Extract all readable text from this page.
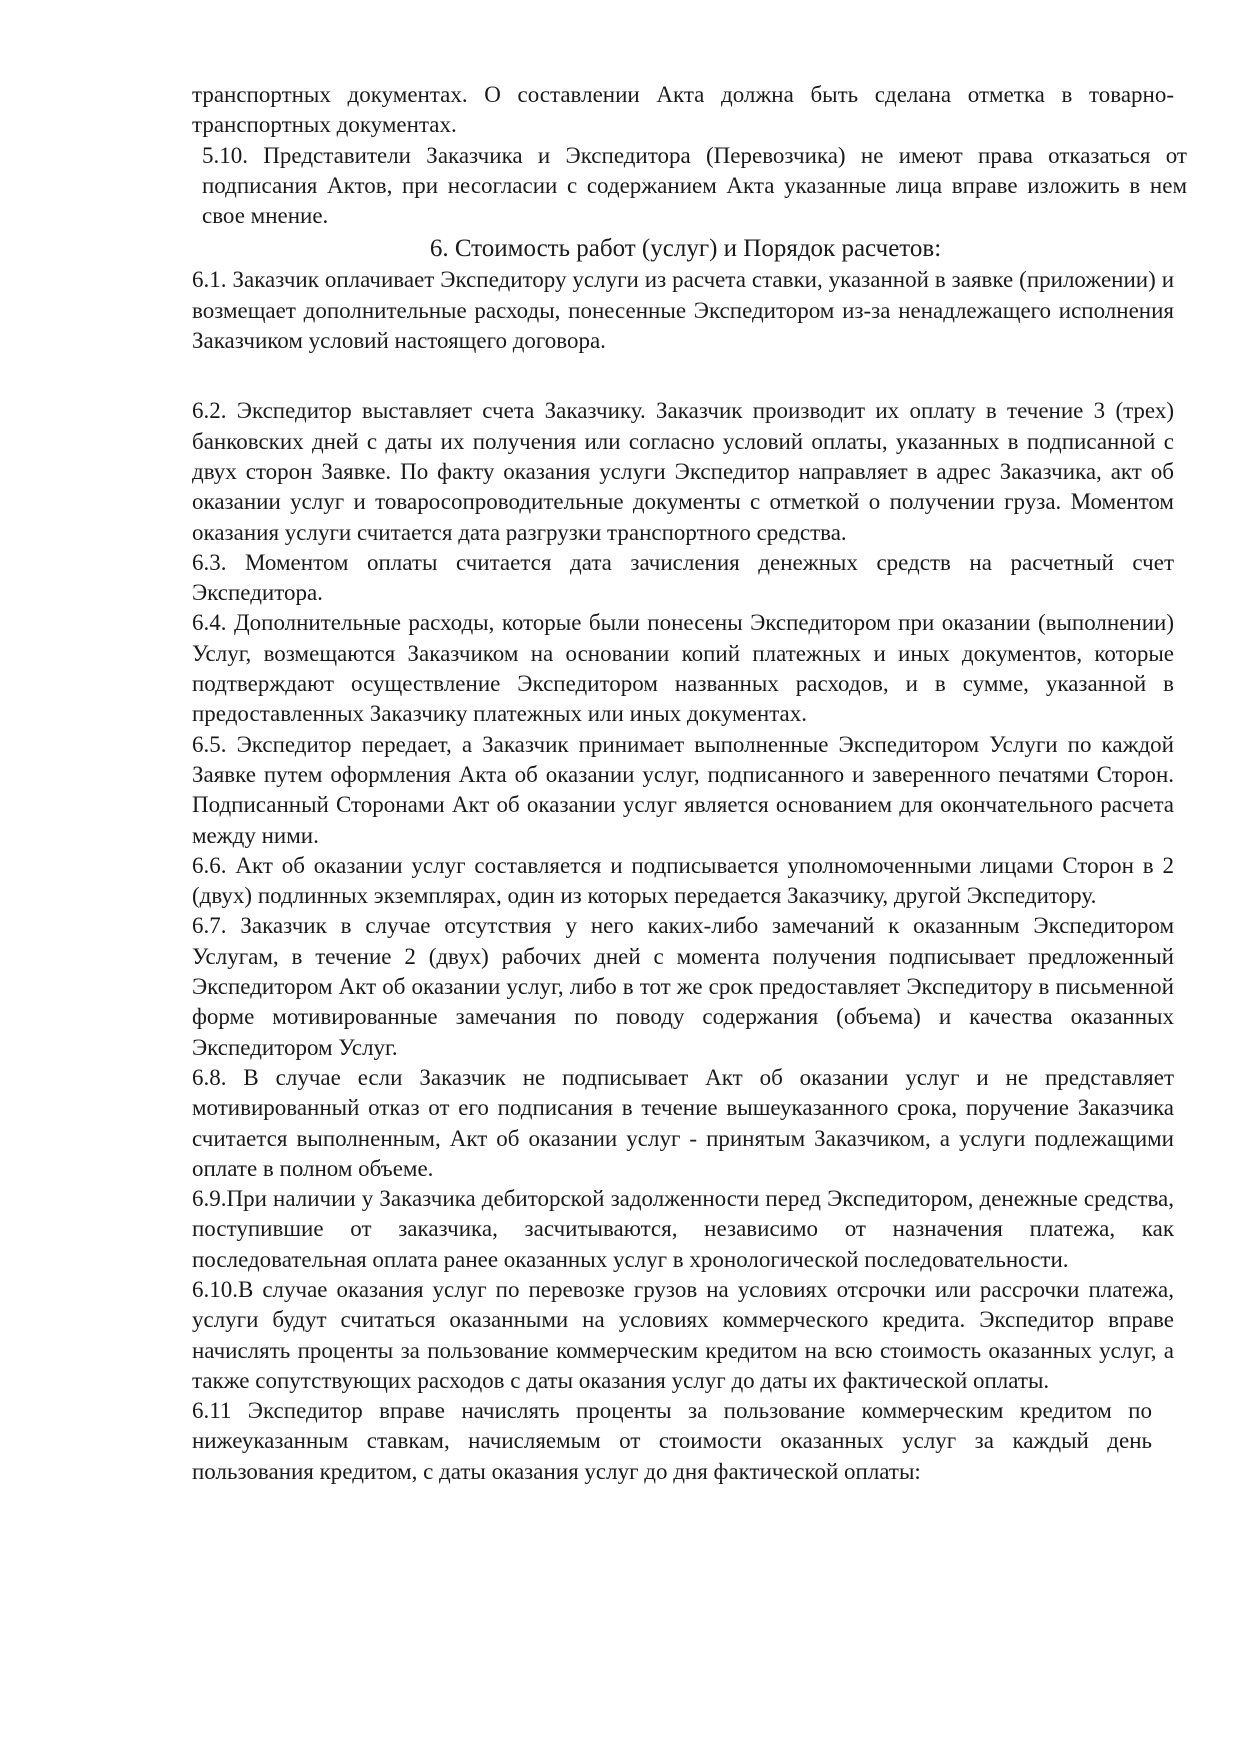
транспортных документах. О составлении Акта должна быть сделана отметка в товарно-транспортных документах.

5.10. Представители Заказчика и Экспедитора (Перевозчика) не имеют права отказаться от подписания Актов, при несогласии с содержанием Акта указанные лица вправе изложить в нем свое мнение.

6. Стоимость работ (услуг) и Порядок расчетов:

6.1. Заказчик оплачивает Экспедитору услуги из расчета ставки, указанной в заявке (приложении) и возмещает дополнительные расходы, понесенные Экспедитором из-за ненадлежащего исполнения Заказчиком условий настоящего договора.

6.2. Экспедитор выставляет счета Заказчику. Заказчик производит их оплату в течение 3 (трех) банковских дней с даты их получения или согласно условий оплаты, указанных в подписанной с двух сторон Заявке. По факту оказания услуги Экспедитор направляет в адрес Заказчика, акт об оказании услуг и товаросопроводительные документы с отметкой о получении груза. Моментом оказания услуги считается дата разгрузки транспортного средства.

6.3. Моментом оплаты считается дата зачисления денежных средств на расчетный счет Экспедитора.

6.4. Дополнительные расходы, которые были понесены Экспедитором при оказании (выполнении) Услуг, возмещаются Заказчиком на основании копий платежных и иных документов, которые подтверждают осуществление Экспедитором названных расходов, и в сумме, указанной в предоставленных Заказчику платежных или иных документах.

6.5. Экспедитор передает, а Заказчик принимает выполненные Экспедитором Услуги по каждой Заявке путем оформления Акта об оказании услуг, подписанного и заверенного печатями Сторон. Подписанный Сторонами Акт об оказании услуг является основанием для окончательного расчета между ними.

6.6. Акт об оказании услуг составляется и подписывается уполномоченными лицами Сторон в 2 (двух) подлинных экземплярах, один из которых передается Заказчику, другой Экспедитору.

6.7. Заказчик в случае отсутствия у него каких-либо замечаний к оказанным Экспедитором Услугам, в течение 2 (двух) рабочих дней с момента получения подписывает предложенный Экспедитором Акт об оказании услуг, либо в тот же срок предоставляет Экспедитору в письменной форме мотивированные замечания по поводу содержания (объема) и качества оказанных Экспедитором Услуг.

6.8. В случае если Заказчик не подписывает Акт об оказании услуг и не представляет мотивированный отказ от его подписания в течение вышеуказанного срока, поручение Заказчика считается выполненным, Акт об оказании услуг - принятым Заказчиком, а услуги подлежащими оплате в полном объеме.

6.9.При наличии у Заказчика дебиторской задолженности перед Экспедитором, денежные средства, поступившие от заказчика, засчитываются, независимо от назначения платежа, как последовательная оплата ранее оказанных услуг в хронологической последовательности.

6.10.В случае оказания услуг по перевозке грузов на условиях отсрочки или рассрочки платежа, услуги будут считаться оказанными на условиях коммерческого кредита. Экспедитор вправе начислять проценты за пользование коммерческим кредитом на всю стоимость оказанных услуг, а также сопутствующих расходов с даты оказания услуг до даты их фактической оплаты.

6.11 Экспедитор вправе начислять проценты за пользование коммерческим кредитом по нижеуказанным ставкам, начисляемым от стоимости оказанных услуг за каждый день пользования кредитом, с даты оказания услуг до дня фактической оплаты:
